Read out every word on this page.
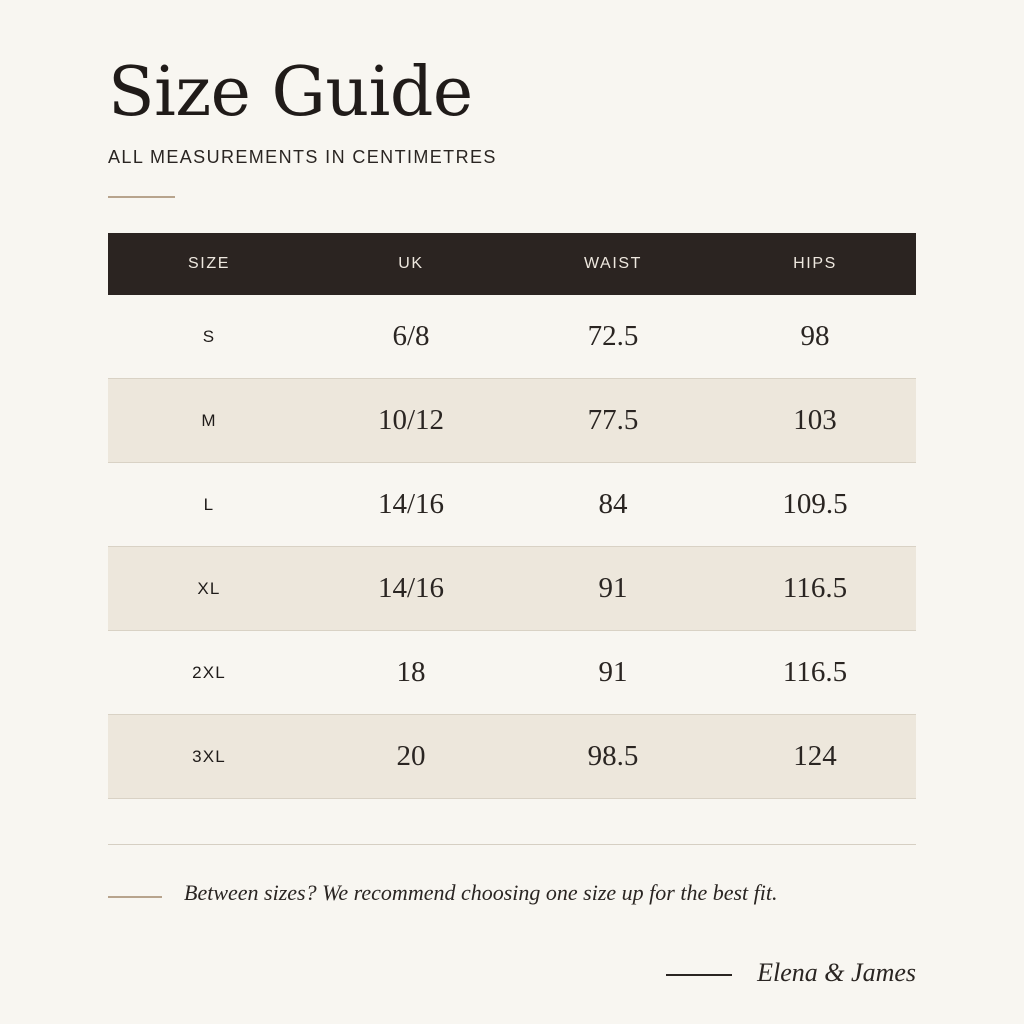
Size Guide

ALL MEASUREMENTS IN CENTIMETRES

SIZE	UK	WAIST	HIPS
S	6/8	72.5	98
M	10/12	77.5	103
L	14/16	84	109.5
XL	14/16	91	116.5
2XL	18	91	116.5
3XL	20	98.5	124

Between sizes? We recommend choosing one size up for the best fit.

Elena & James
